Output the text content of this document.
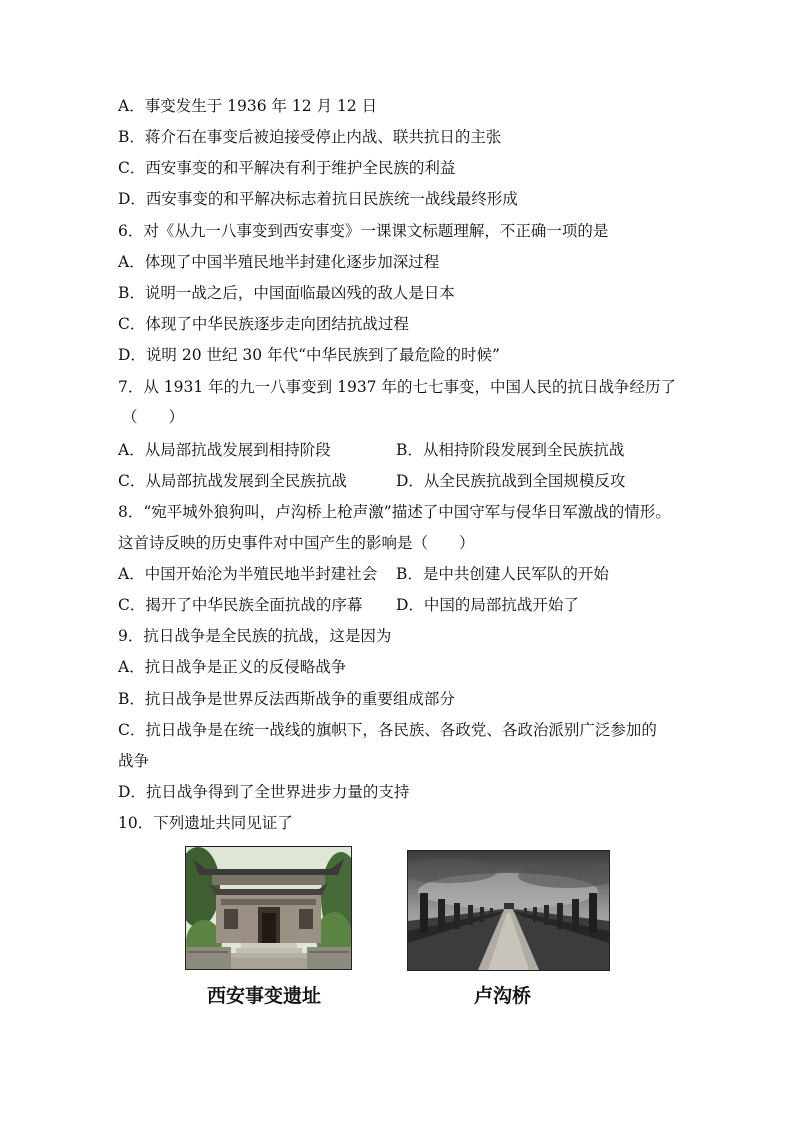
A．事变发生于 1936 年 12 月 12 日
B．蒋介石在事变后被迫接受停止内战、联共抗日的主张
C．西安事变的和平解决有利于维护全民族的利益
D．西安事变的和平解决标志着抗日民族统一战线最终形成
6．对《从九一八事变到西安事变》一课课文标题理解，不正确一项的是
A．体现了中国半殖民地半封建化逐步加深过程
B．说明一战之后，中国面临最凶残的敌人是日本
C．体现了中华民族逐步走向团结抗战过程
D．说明 20 世纪 30 年代“中华民族到了最危险的时候”
7．从 1931 年的九一八事变到 1937 年的七七事变，中国人民的抗日战争经历了
（　　）
A．从局部抗战发展到相持阶段	B．从相持阶段发展到全民族抗战
C．从局部抗战发展到全民族抗战	D．从全民族抗战到全国规模反攻
8．“宛平城外狼狗叫，卢沟桥上枪声激”描述了中国守军与侵华日军激战的情形。
这首诗反映的历史事件对中国产生的影响是（　　）
A．中国开始沦为半殖民地半封建社会 B．是中共创建人民军队的开始
C．揭开了中华民族全面抗战的序幕 D．中国的局部抗战开始了
9．抗日战争是全民族的抗战，这是因为
A．抗日战争是正义的反侵略战争
B．抗日战争是世界反法西斯战争的重要组成部分
C．抗日战争是在统一战线的旗帜下，各民族、各政党、各政治派别广泛参加的
战争
D．抗日战争得到了全世界进步力量的支持
10．下列遗址共同见证了
西安事变遗址	卢沟桥
